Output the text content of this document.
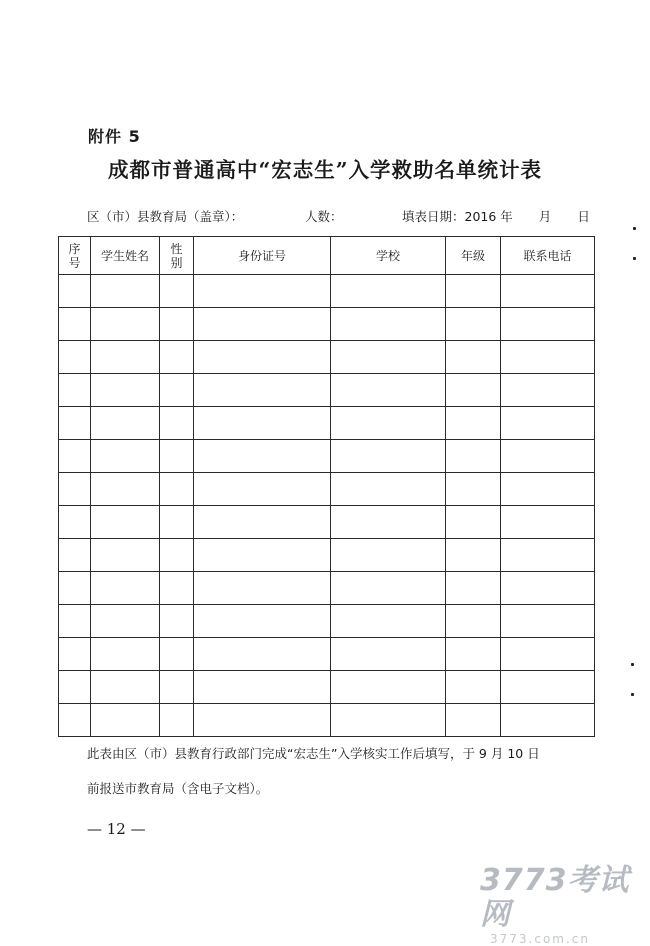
附件 5
成都市普通高中“宏志生”入学救助名单统计表
区（市）县教育局（盖章）：	人数：	填表日期：2016 年 月 日
序号	学生姓名	性别	身份证号	学校	年级	联系电话

此表由区（市）县教育行政部门完成“宏志生”入学核实工作后填写，于 9 月 10 日
前报送市教育局（含电子文档）。
— 12 —
3773考试网
3773.com.cn
